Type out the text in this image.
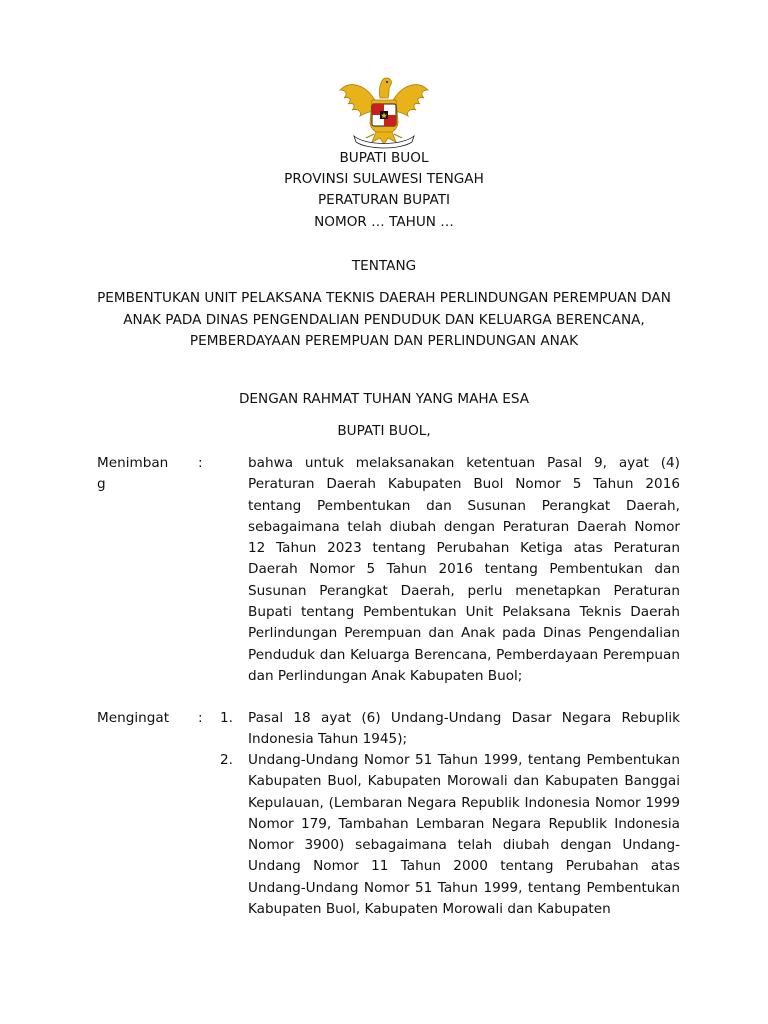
BUPATI BUOL
PROVINSI SULAWESI TENGAH
PERATURAN BUPATI
NOMOR … TAHUN …
TENTANG
PEMBENTUKAN UNIT PELAKSANA TEKNIS DAERAH PERLINDUNGAN PEREMPUAN DAN ANAK PADA DINAS PENGENDALIAN PENDUDUK DAN KELUARGA BERENCANA, PEMBERDAYAAN PEREMPUAN DAN PERLINDUNGAN ANAK
DENGAN RAHMAT TUHAN YANG MAHA ESA
BUPATI BUOL,
Menimban
g
:	bahwa untuk melaksanakan ketentuan Pasal 9, ayat (4) Peraturan Daerah Kabupaten Buol Nomor 5 Tahun 2016 tentang Pembentukan dan Susunan Perangkat Daerah, sebagaimana telah diubah dengan Peraturan Daerah Nomor 12 Tahun 2023 tentang Perubahan Ketiga atas Peraturan Daerah Nomor 5 Tahun 2016 tentang Pembentukan dan Susunan Perangkat Daerah, perlu menetapkan Peraturan Bupati tentang Pembentukan Unit Pelaksana Teknis Daerah Perlindungan Perempuan dan Anak pada Dinas Pengendalian Penduduk dan Keluarga Berencana, Pemberdayaan Perempuan dan Perlindungan Anak Kabupaten Buol;
Mengingat	:	1.	Pasal 18 ayat (6) Undang-Undang Dasar Negara Rebuplik Indonesia Tahun 1945);
2.	Undang-Undang Nomor 51 Tahun 1999, tentang Pembentukan Kabupaten Buol, Kabupaten Morowali dan Kabupaten Banggai Kepulauan, (Lembaran Negara Republik Indonesia Nomor 1999 Nomor 179, Tambahan Lembaran Negara Republik Indonesia Nomor 3900) sebagaimana telah diubah dengan Undang-Undang Nomor 11 Tahun 2000 tentang Perubahan atas Undang-Undang Nomor 51 Tahun 1999, tentang Pembentukan Kabupaten Buol, Kabupaten Morowali dan Kabupaten
